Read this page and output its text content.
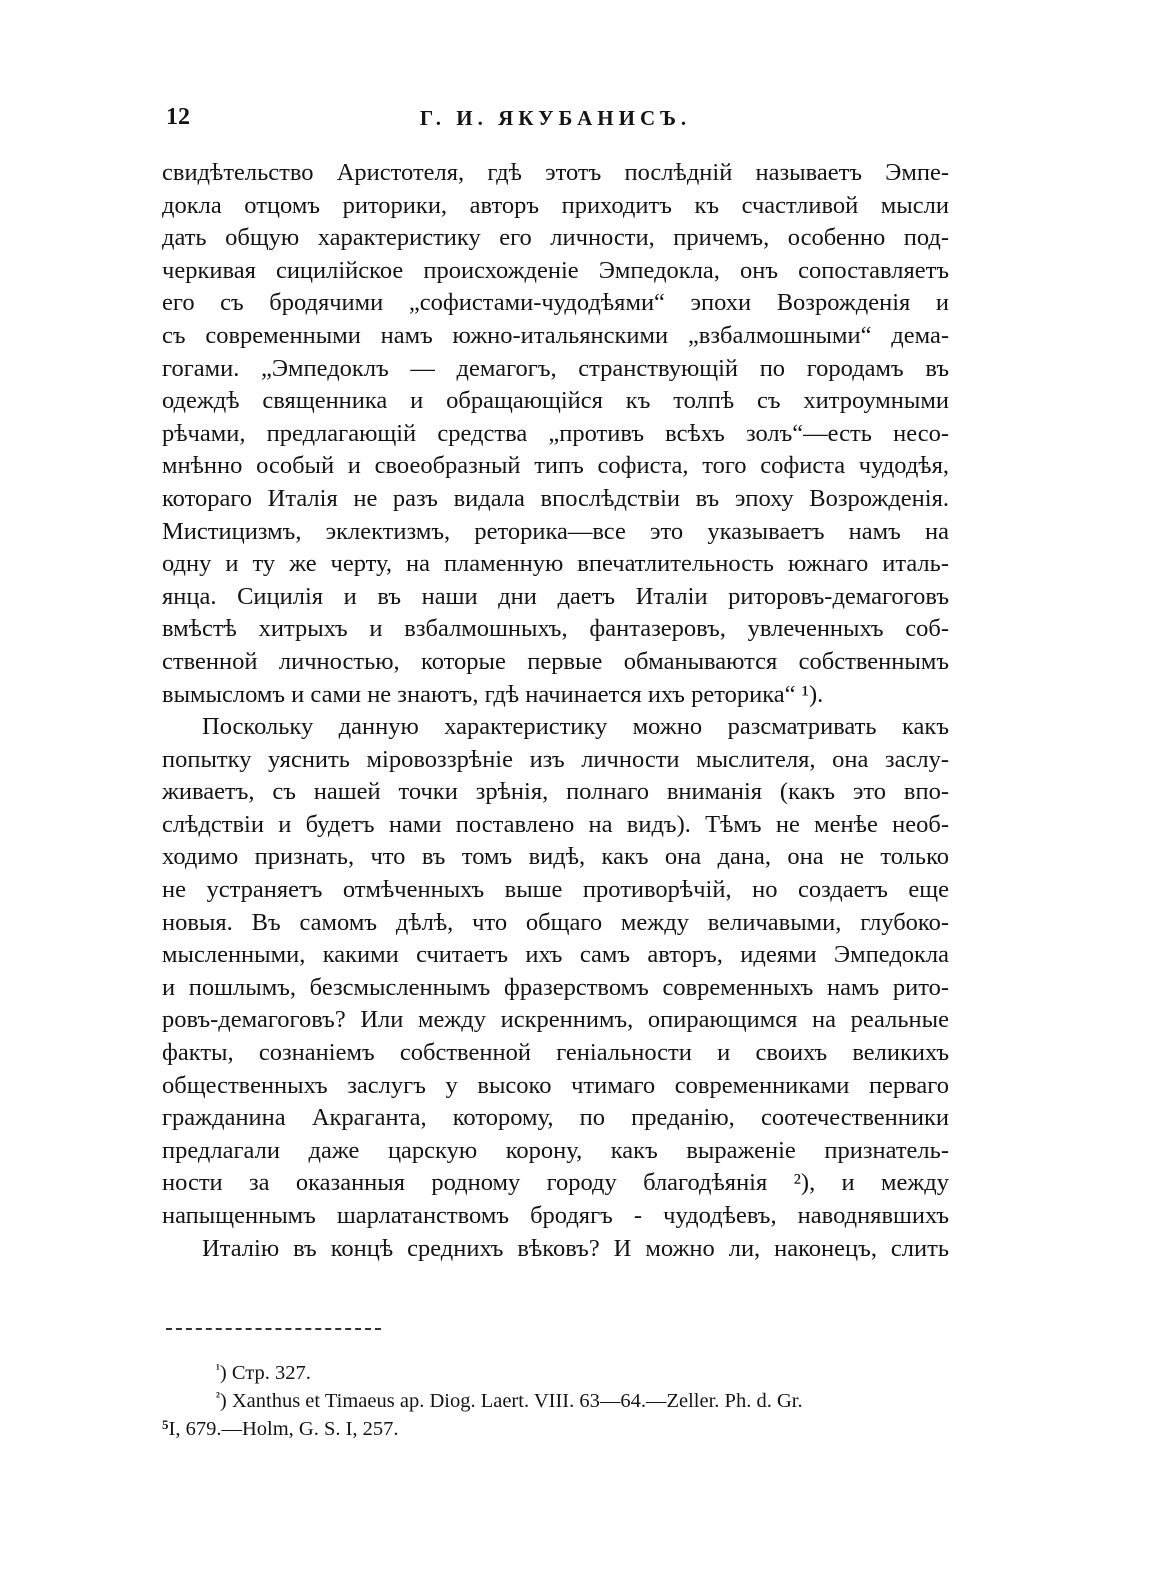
12	Г. И. ЯКУБАНИСЪ.
свидѣтельство Аристотеля, гдѣ этотъ послѣднiй называетъ Эмпе-
докла отцомъ риторики, авторъ приходитъ къ счастливой мысли
дать общую характеристику его личности, причемъ, особенно под-
черкивая сицилiйское происхожденiе Эмпедокла, онъ сопоставляетъ
его съ бродячими „софистами-чудодѣями“ эпохи Возрожденiя и
съ современными намъ южно-итальянскими „взбалмошными“ дема-
гогами. „Эмпедоклъ — демагогъ, странствующiй по городамъ въ
одеждѣ священника и обращающiйся къ толпѣ съ хитроумными
рѣчами, предлагающiй средства „противъ всѣхъ золъ“—есть несо-
мнѣнно особый и своеобразный типъ софиста, того софиста чудодѣя,
котораго Италiя не разъ видала впослѣдствiи въ эпоху Возрожденiя.
Мистицизмъ, эклектизмъ, реторика—все это указываетъ намъ на
одну и ту же черту, на пламенную впечатлительность южнаго италь-
янца. Сицилiя и въ наши дни даетъ Италiи риторовъ-демагоговъ
вмѣстѣ хитрыхъ и взбалмошныхъ, фантазеровъ, увлеченныхъ соб-
ственной личностью, которые первые обманываются собственнымъ
вымысломъ и сами не знаютъ, гдѣ начинается ихъ реторика“ ¹).
Поскольку данную характеристику можно разсматривать какъ
попытку уяснить мiровоззрѣнiе изъ личности мыслителя, она заслу-
живаетъ, съ нашей точки зрѣнiя, полнаго вниманiя (какъ это впо-
слѣдствiи и будетъ нами поставлено на видъ). Тѣмъ не менѣе необ-
ходимо признать, что въ томъ видѣ, какъ она дана, она не только
не устраняетъ отмѣченныхъ выше противорѣчiй, но создаетъ еще
новыя. Въ самомъ дѣлѣ, что общаго между величавыми, глубоко-
мысленными, какими считаетъ ихъ самъ авторъ, идеями Эмпедокла
и пошлымъ, безсмысленнымъ фразерствомъ современныхъ намъ рито-
ровъ-демагоговъ? Или между искреннимъ, опирающимся на реальные
факты, сознанiемъ собственной генiальности и своихъ великихъ
общественныхъ заслугъ у высоко чтимаго современниками перваго
гражданина Акраганта, которому, по преданiю, соотечественники
предлагали даже царскую корону, какъ выраженiе признатель-
ности за оказанныя родному городу благодѣянiя ²), и между
напыщеннымъ шарлатанствомъ бродягъ - чудодѣевъ, наводнявшихъ
Италiю въ концѣ среднихъ вѣковъ? И можно ли, наконецъ, слить
$^{^1}$) Стр. 327.
$^{^2}$) Xanthus et Timaeus ap. Diog. Laert. VIII. 63—64.—Zeller. Ph. d. Gr.
$^5$I, 679.—Holm, G. S. I, 257.
